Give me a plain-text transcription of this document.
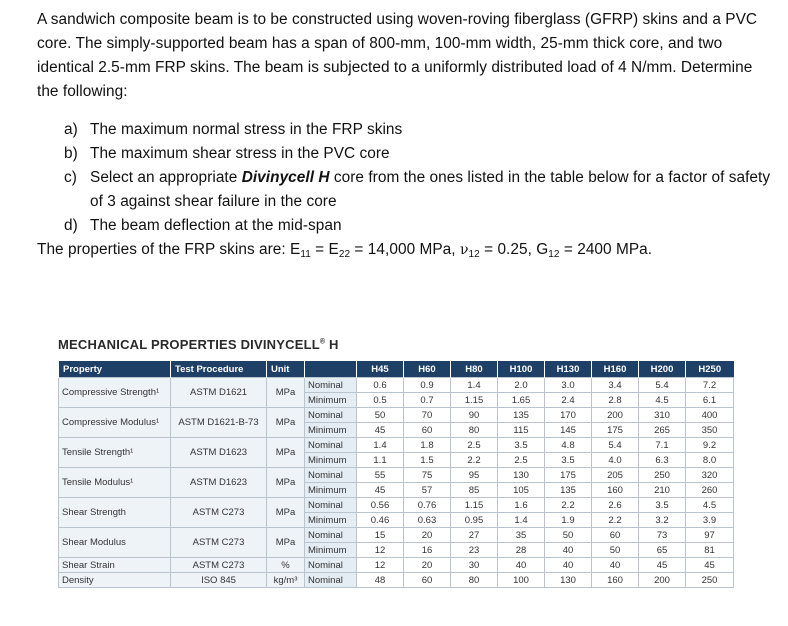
A sandwich composite beam is to be constructed using woven-roving fiberglass (GFRP) skins and a PVC core. The simply-supported beam has a span of 800-mm, 100-mm width, 25-mm thick core, and two identical 2.5-mm FRP skins. The beam is subjected to a uniformly distributed load of 4 N/mm. Determine the following:

a) The maximum normal stress in the FRP skins
b) The maximum shear stress in the PVC core
c) Select an appropriate Divinycell H core from the ones listed in the table below for a factor of safety of 3 against shear failure in the core
d) The beam deflection at the mid-span

The properties of the FRP skins are: $E_{11} = E_{22} = 14,000$ MPa, $\nu_{12} = 0.25$, $G_{12} = 2400$ MPa.

MECHANICAL PROPERTIES DIVINYCELL® H
Property	Test Procedure	Unit		H45	H60	H80	H100	H130	H160	H200	H250
Compressive Strength¹	ASTM D1621	MPa	Nominal	0.6	0.9	1.4	2.0	3.0	3.4	5.4	7.2
			Minimum	0.5	0.7	1.15	1.65	2.4	2.8	4.5	6.1
Compressive Modulus¹	ASTM D1621-B-73	MPa	Nominal	50	70	90	135	170	200	310	400
			Minimum	45	60	80	115	145	175	265	350
Tensile Strength¹	ASTM D1623	MPa	Nominal	1.4	1.8	2.5	3.5	4.8	5.4	7.1	9.2
			Minimum	1.1	1.5	2.2	2.5	3.5	4.0	6.3	8.0
Tensile Modulus¹	ASTM D1623	MPa	Nominal	55	75	95	130	175	205	250	320
			Minimum	45	57	85	105	135	160	210	260
Shear Strength	ASTM C273	MPa	Nominal	0.56	0.76	1.15	1.6	2.2	2.6	3.5	4.5
			Minimum	0.46	0.63	0.95	1.4	1.9	2.2	3.2	3.9
Shear Modulus	ASTM C273	MPa	Nominal	15	20	27	35	50	60	73	97
			Minimum	12	16	23	28	40	50	65	81
Shear Strain	ASTM C273	%	Nominal	12	20	30	40	40	40	45	45
Density	ISO 845	kg/m³	Nominal	48	60	80	100	130	160	200	250
